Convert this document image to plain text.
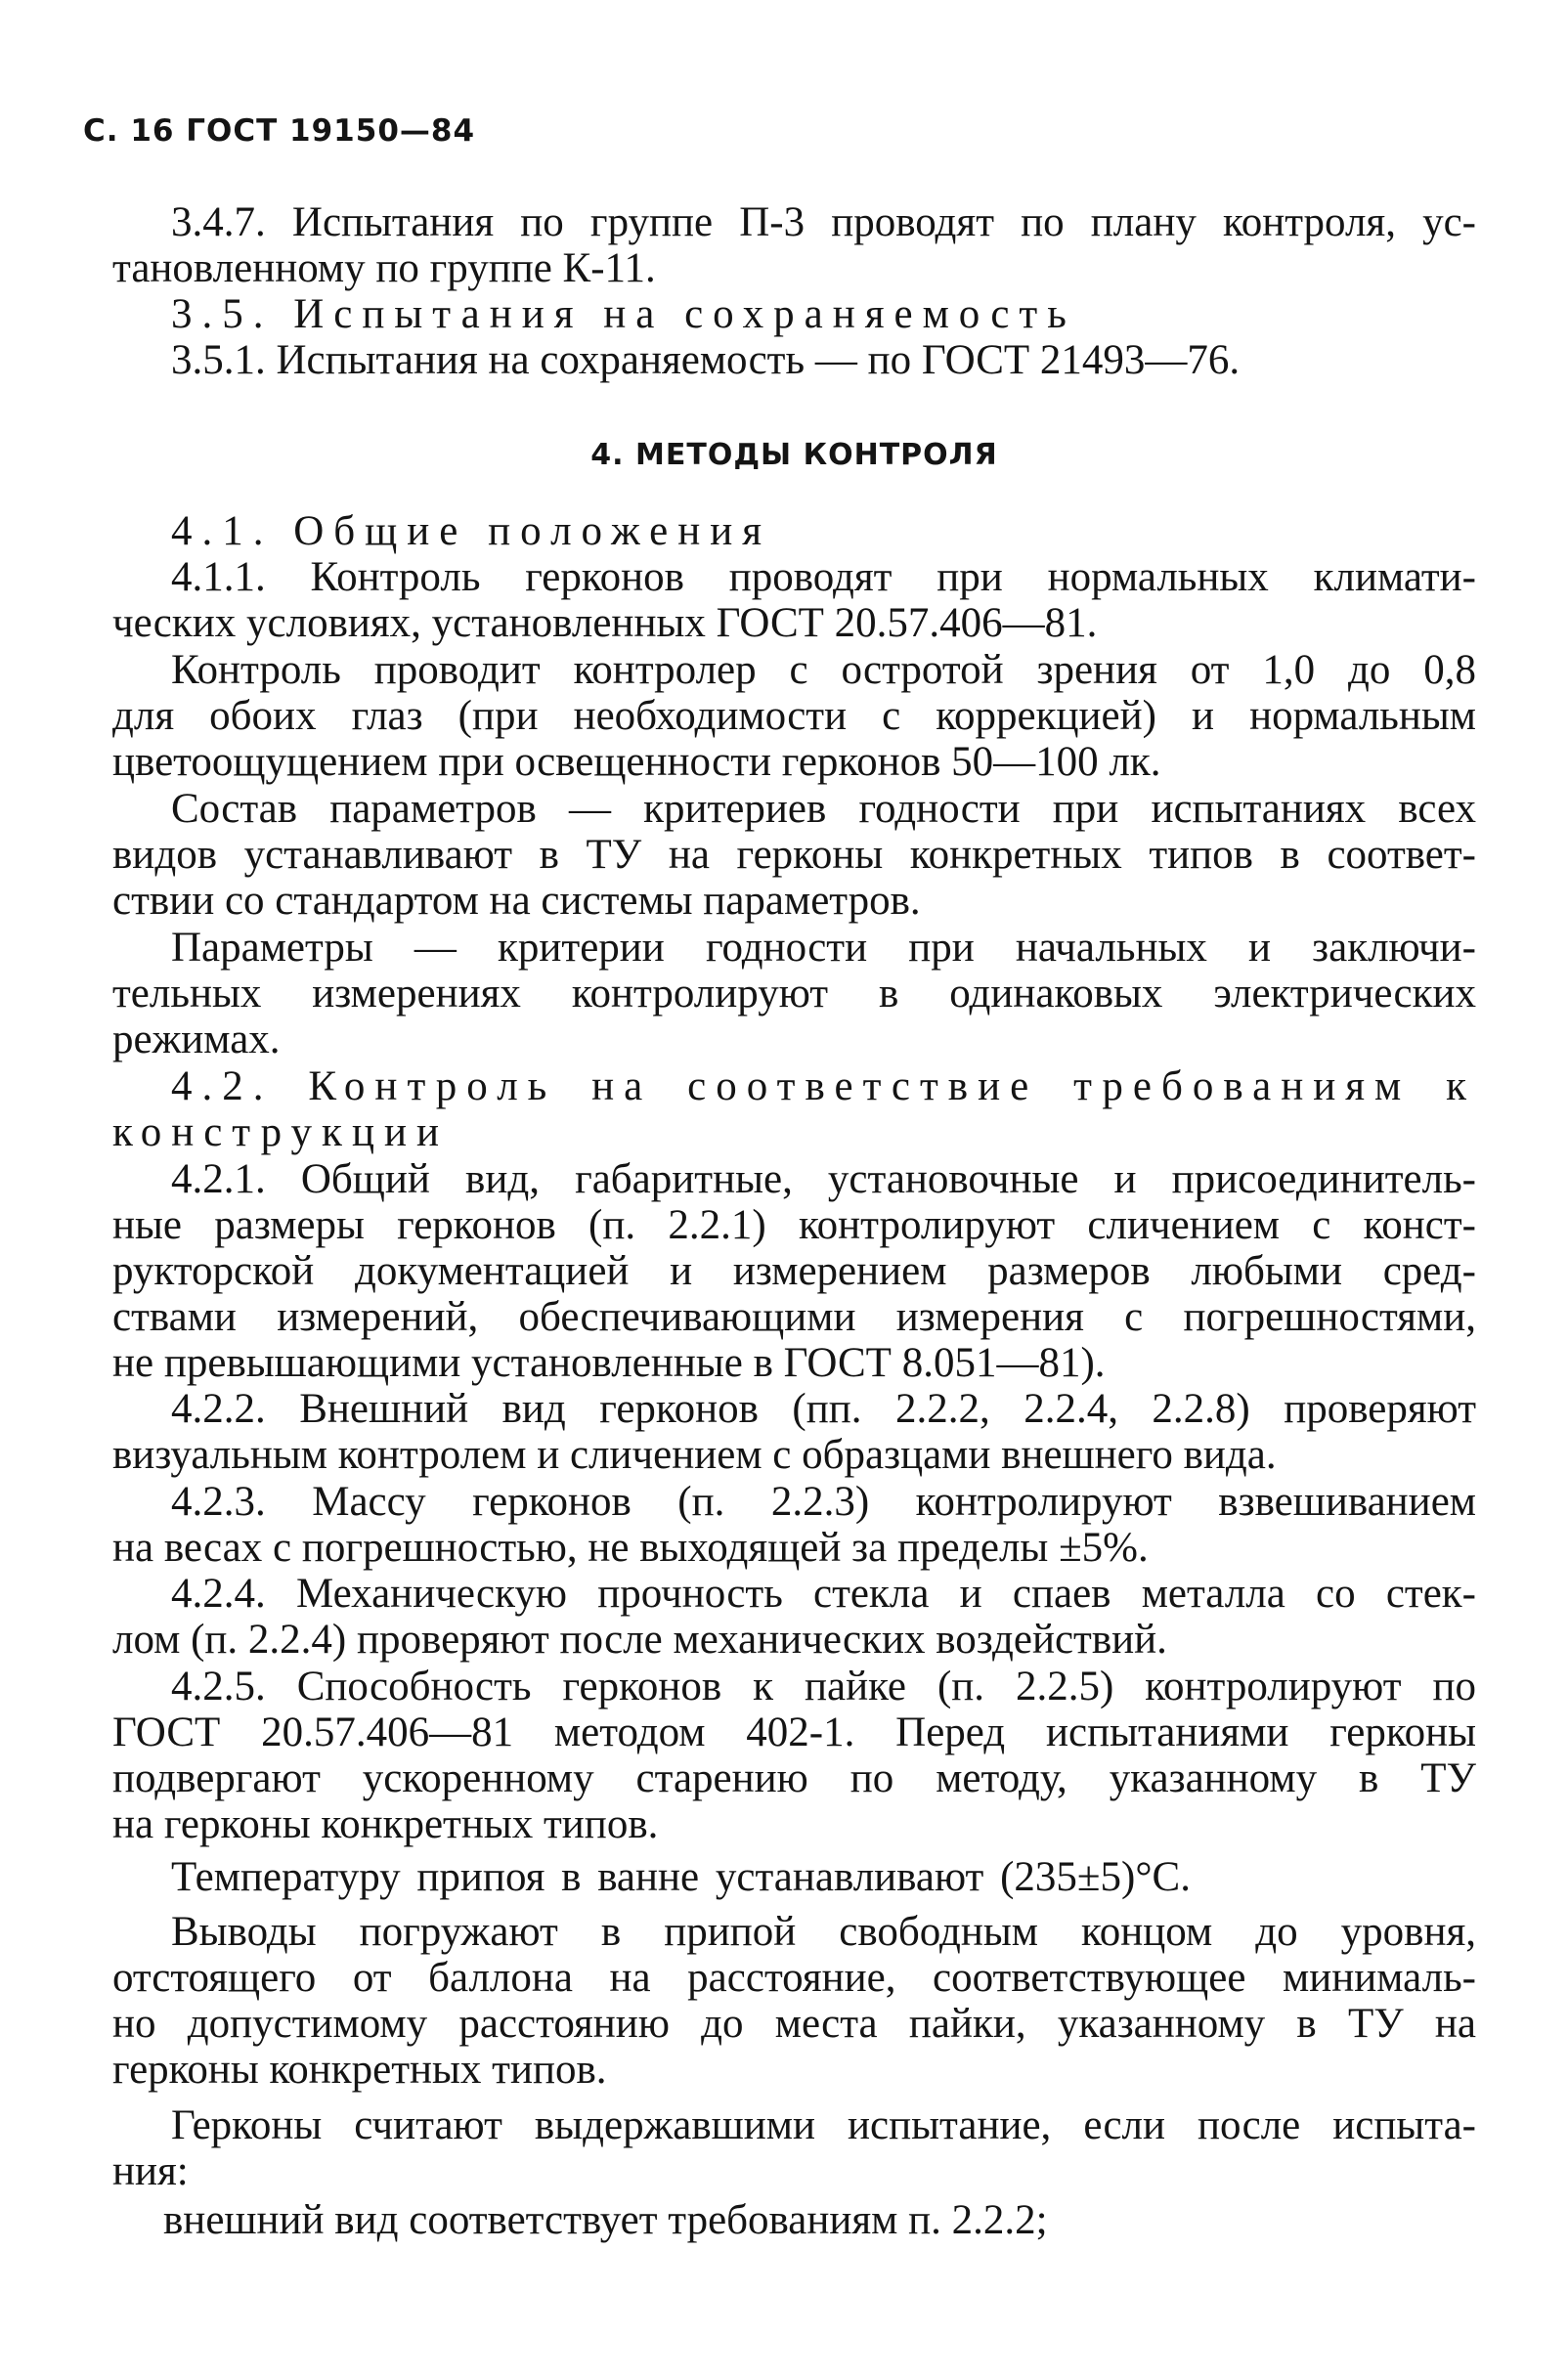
С. 16 ГОСТ 19150—84

3.4.7. Испытания по группе П-3 проводят по плану контроля, ус-

тановленному по группе К-11.

3.5. Испытания на сохраняемость

3.5.1. Испытания на сохраняемость — по ГОСТ 21493—76.

4. МЕТОДЫ КОНТРОЛЯ

4.1. Общие положения

4.1.1. Контроль герконов проводят при нормальных климати-

ческих условиях, установленных ГОСТ 20.57.406—81.

Контроль проводит контролер с остротой зрения от 1,0 до 0,8

для обоих глаз (при необходимости с коррекцией) и нормальным

цветоощущением при освещенности герконов 50—100 лк.

Состав параметров — критериев годности при испытаниях всех

видов устанавливают в ТУ на герконы конкретных типов в соответ-

ствии со стандартом на системы параметров.

Параметры — критерии годности при начальных и заключи-

тельных измерениях контролируют в одинаковых электрических

режимах.

4.2. Контроль на соответствие требованиям к

конструкции

4.2.1. Общий вид, габаритные, установочные и присоединитель-

ные размеры герконов (п. 2.2.1) контролируют сличением с конст-

рукторской документацией и измерением размеров любыми сред-

ствами измерений, обеспечивающими измерения с погрешностями,

не превышающими установленные в ГОСТ 8.051—81).

4.2.2. Внешний вид герконов (пп. 2.2.2, 2.2.4, 2.2.8) проверяют

визуальным контролем и сличением с образцами внешнего вида.

4.2.3. Массу герконов (п. 2.2.3) контролируют взвешиванием

на весах с погрешностью, не выходящей за пределы ±5%.

4.2.4. Механическую прочность стекла и спаев металла со стек-

лом (п. 2.2.4) проверяют после механических воздействий.

4.2.5. Способность герконов к пайке (п. 2.2.5) контролируют по

ГОСТ 20.57.406—81 методом 402-1. Перед испытаниями герконы

подвергают ускоренному старению по методу, указанному в ТУ

на герконы конкретных типов.

Температуру припоя в ванне устанавливают (235±5)°С.

Выводы погружают в припой свободным концом до уровня,

отстоящего от баллона на расстояние, соответствующее минималь-

но допустимому расстоянию до места пайки, указанному в ТУ на

герконы конкретных типов.

Герконы считают выдержавшими испытание, если после испыта-

ния:

внешний вид соответствует требованиям п. 2.2.2;
